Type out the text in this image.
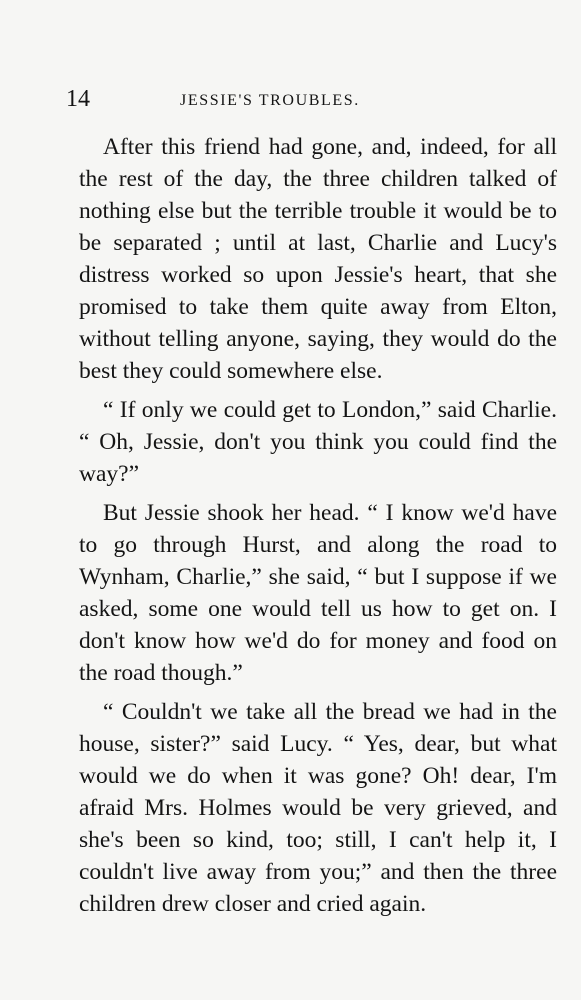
14	JESSIE'S TROUBLES.
After this friend had gone, and, indeed, for all
the rest of the day, the three children talked of
nothing else but the terrible trouble it would be to
be separated ; until at last, Charlie and Lucy's
distress worked so upon Jessie's heart, that she
promised to take them quite away from Elton,
without telling anyone, saying, they would do the
best they could somewhere else.
“ If only we could get to London,” said Charlie.
“ Oh, Jessie, don't you think you could find the
way?”
But Jessie shook her head. “ I know we'd have
to go through Hurst, and along the road to
Wynham, Charlie,” she said, “ but I suppose if we
asked, some one would tell us how to get on. I
don't know how we'd do for money and food on
the road though.”
“ Couldn't we take all the bread we had in the
house, sister?” said Lucy. “ Yes, dear, but what
would we do when it was gone? Oh! dear, I'm
afraid Mrs. Holmes would be very grieved, and
she's been so kind, too; still, I can't help it, I
couldn't live away from you;” and then the three
children drew closer and cried again.
